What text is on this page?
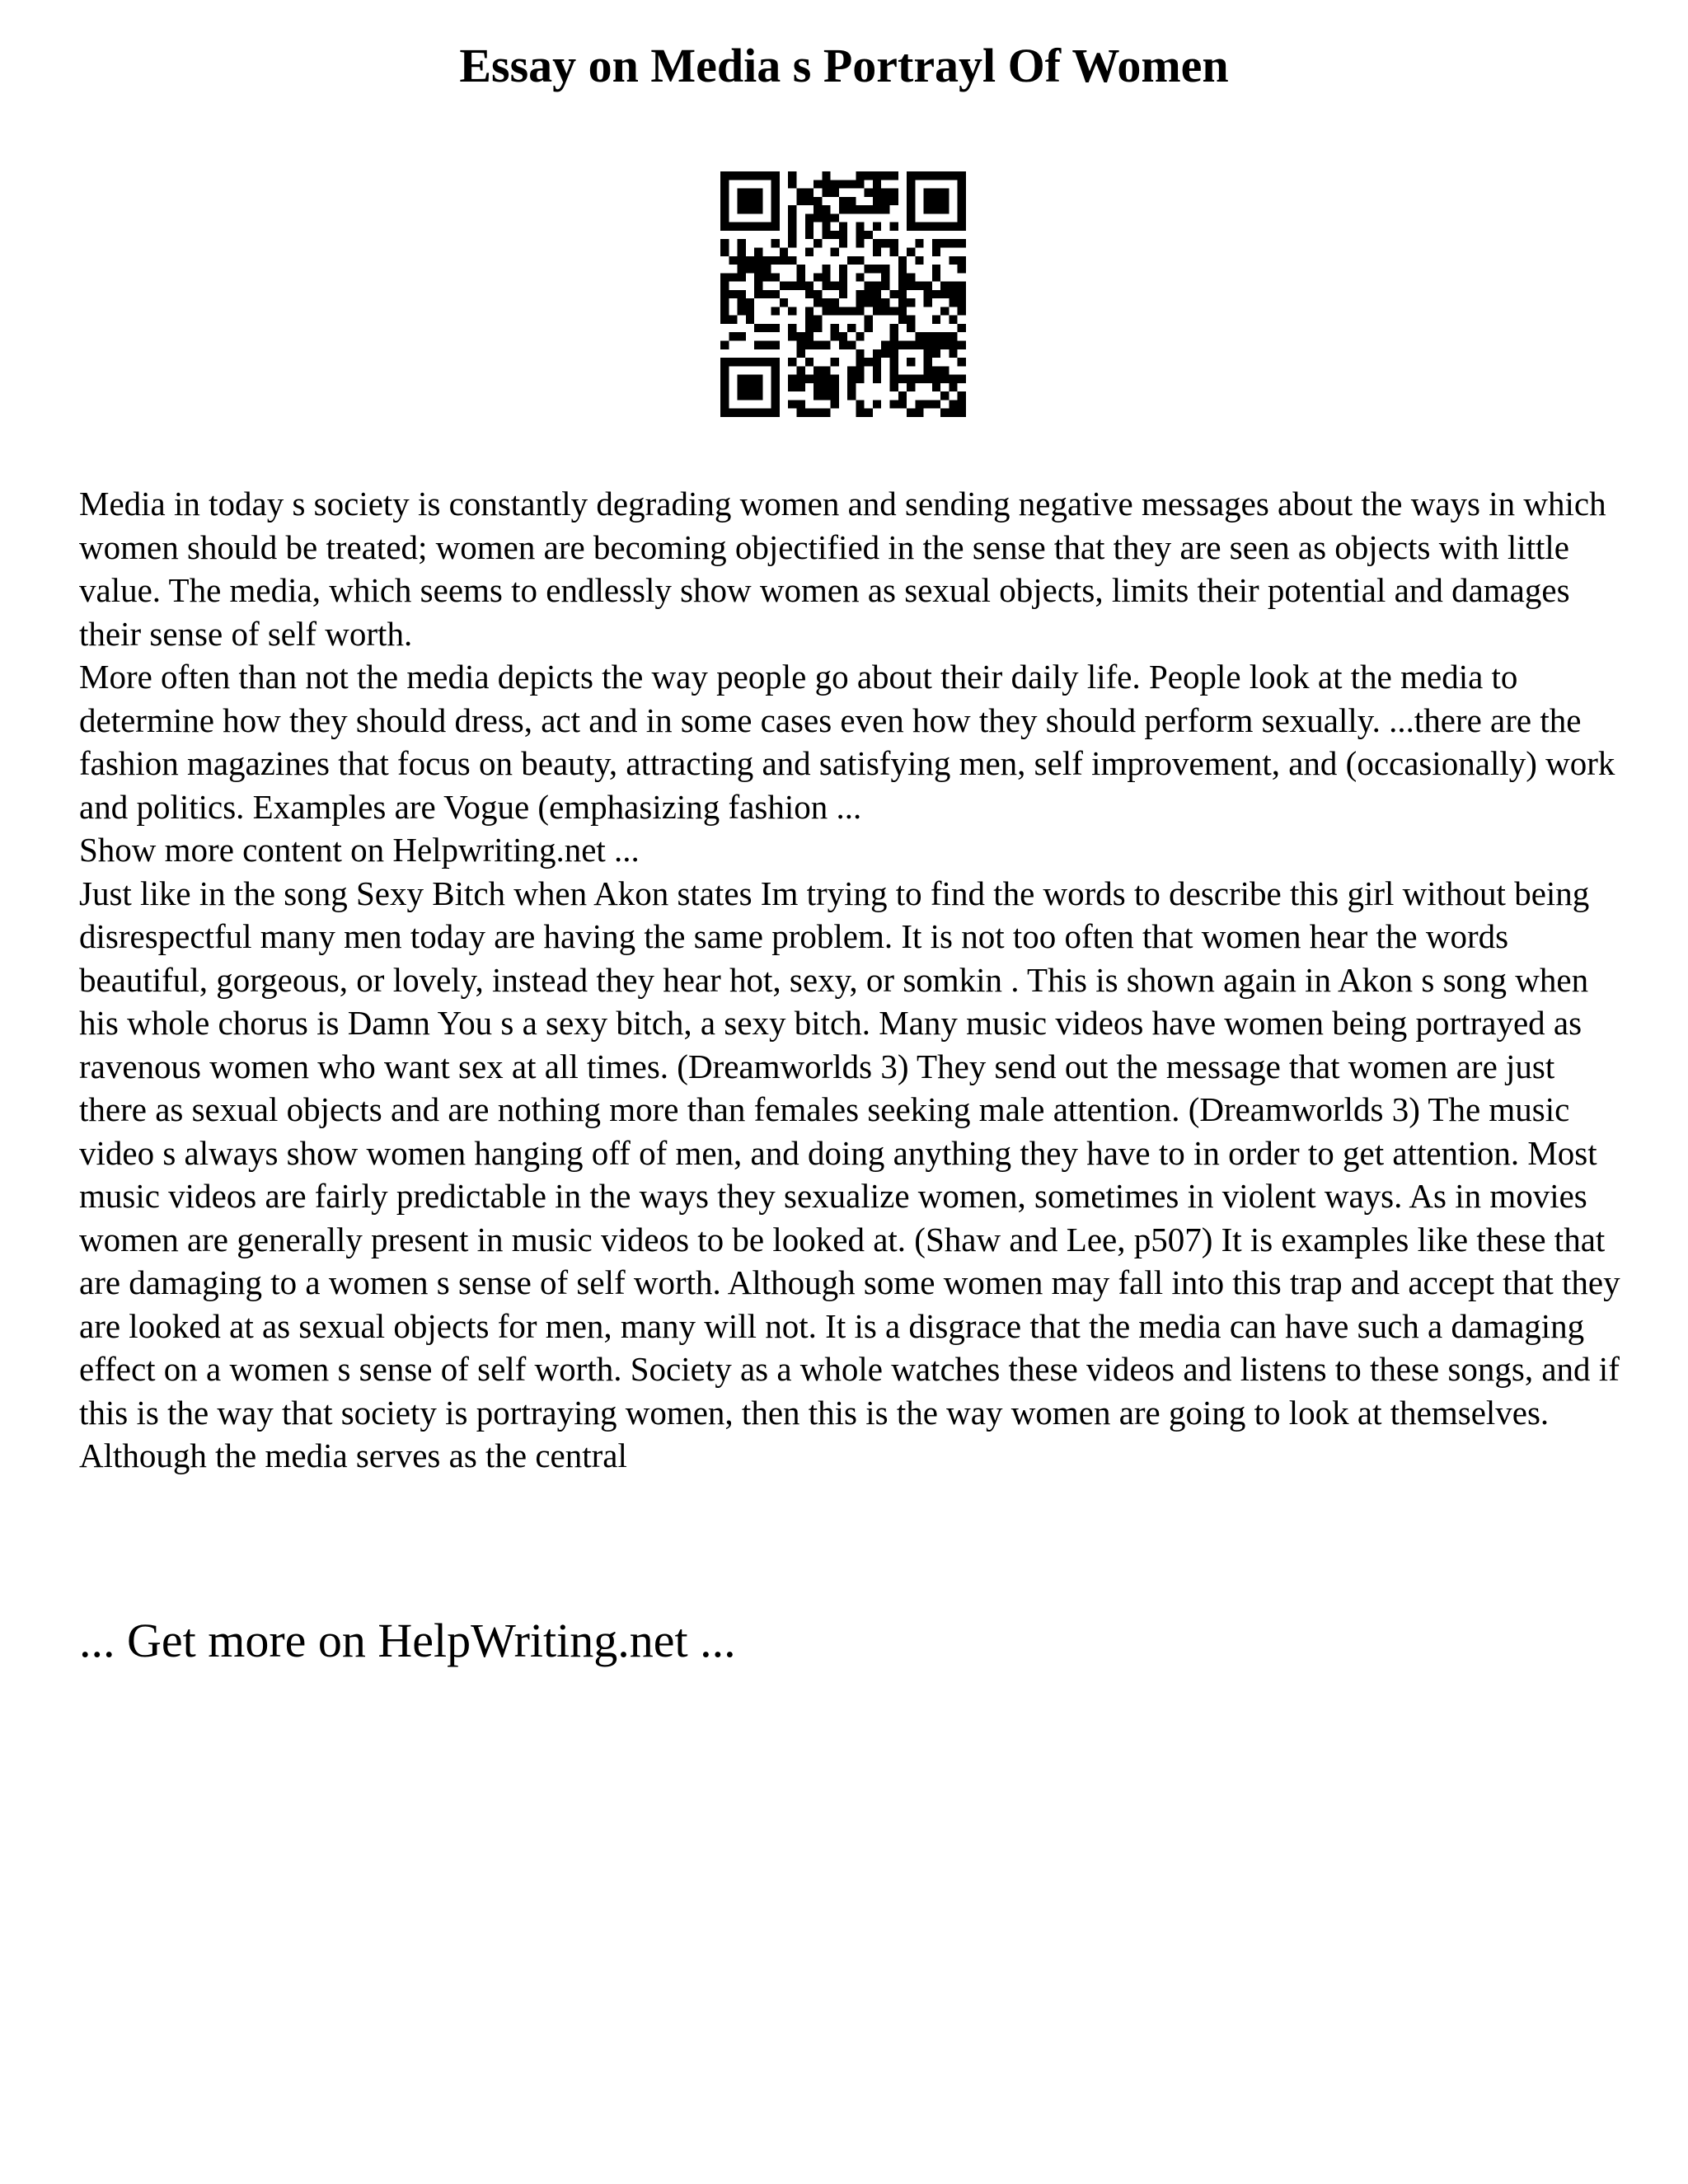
Essay on Media s Portrayl Of Women

Media in today s society is constantly degrading women and sending negative messages about the ways in which women should be treated; women are becoming objectified in the sense that they are seen as objects with little value. The media, which seems to endlessly show women as sexual objects, limits their potential and damages their sense of self worth.

More often than not the media depicts the way people go about their daily life. People look at the media to determine how they should dress, act and in some cases even how they should perform sexually. ...there are the fashion magazines that focus on beauty, attracting and satisfying men, self improvement, and (occasionally) work and politics. Examples are Vogue (emphasizing fashion ...

Show more content on Helpwriting.net ...

Just like in the song Sexy Bitch when Akon states Im trying to find the words to describe this girl without being disrespectful many men today are having the same problem. It is not too often that women hear the words beautiful, gorgeous, or lovely, instead they hear hot, sexy, or somkin . This is shown again in Akon s song when his whole chorus is Damn You s a sexy bitch, a sexy bitch. Many music videos have women being portrayed as ravenous women who want sex at all times. (Dreamworlds 3) They send out the message that women are just there as sexual objects and are nothing more than females seeking male attention. (Dreamworlds 3) The music video s always show women hanging off of men, and doing anything they have to in order to get attention. Most music videos are fairly predictable in the ways they sexualize women, sometimes in violent ways. As in movies women are generally present in music videos to be looked at. (Shaw and Lee, p507) It is examples like these that are damaging to a women s sense of self worth. Although some women may fall into this trap and accept that they are looked at as sexual objects for men, many will not. It is a disgrace that the media can have such a damaging effect on a women s sense of self worth. Society as a whole watches these videos and listens to these songs, and if this is the way that society is portraying women, then this is the way women are going to look at themselves.

Although the media serves as the central

... Get more on HelpWriting.net ...
